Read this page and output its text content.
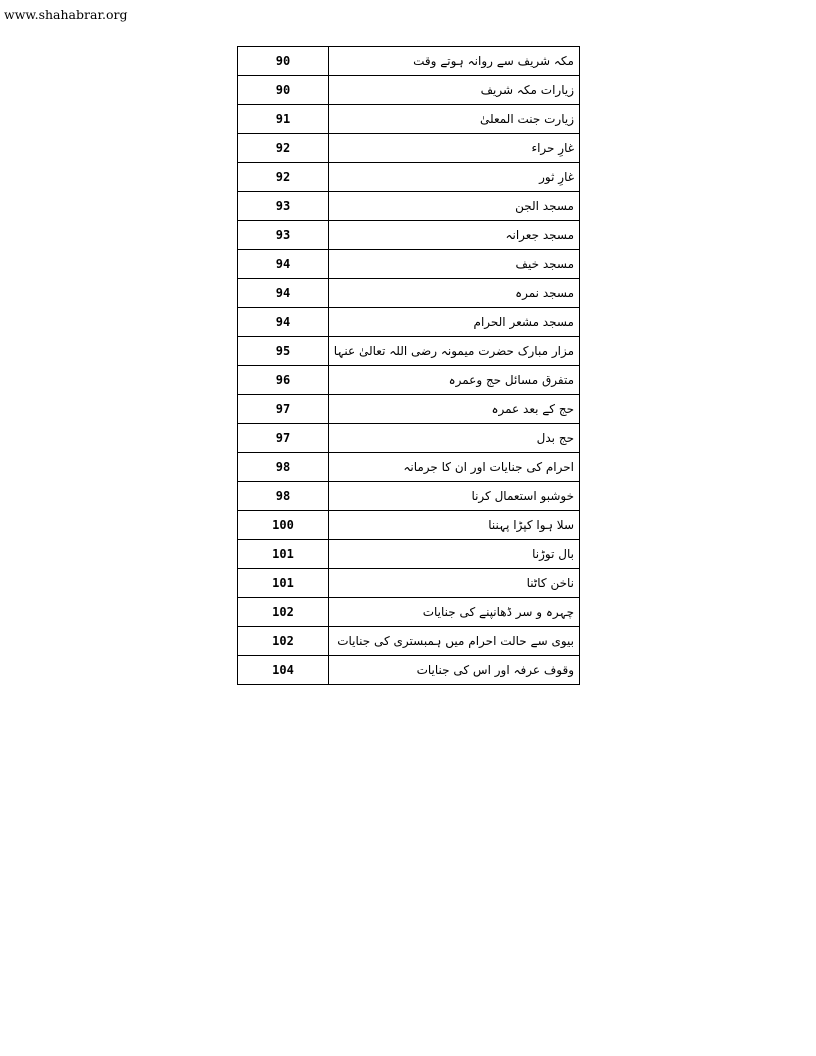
www.shahabrar.org
90	مکہ شریف سے روانہ ہوتے وقت
90	زیارات مکہ شریف
91	زیارت جنت المعلیٰ
92	غارِ حراء
92	غارِ ثور
93	مسجد الجن
93	مسجد جعرانہ
94	مسجد خیف
94	مسجد نمرہ
94	مسجد مشعر الحرام
95	مزار مبارک حضرت میمونہ رضی اللہ تعالیٰ عنہا
96	متفرق مسائل حج وعمرہ
97	حج کے بعد عمرہ
97	حج بدل
98	احرام کی جنایات اور ان کا جرمانہ
98	خوشبو استعمال کرنا
100	سلا ہوا کپڑا پہننا
101	بال توڑنا
101	ناخن کاٹنا
102	چہرہ و سر ڈھانپنے کی جنایات
102	بیوی سے حالت احرام میں ہمبستری کی جنایات
104	وقوف عرفہ اور اس کی جنایات
